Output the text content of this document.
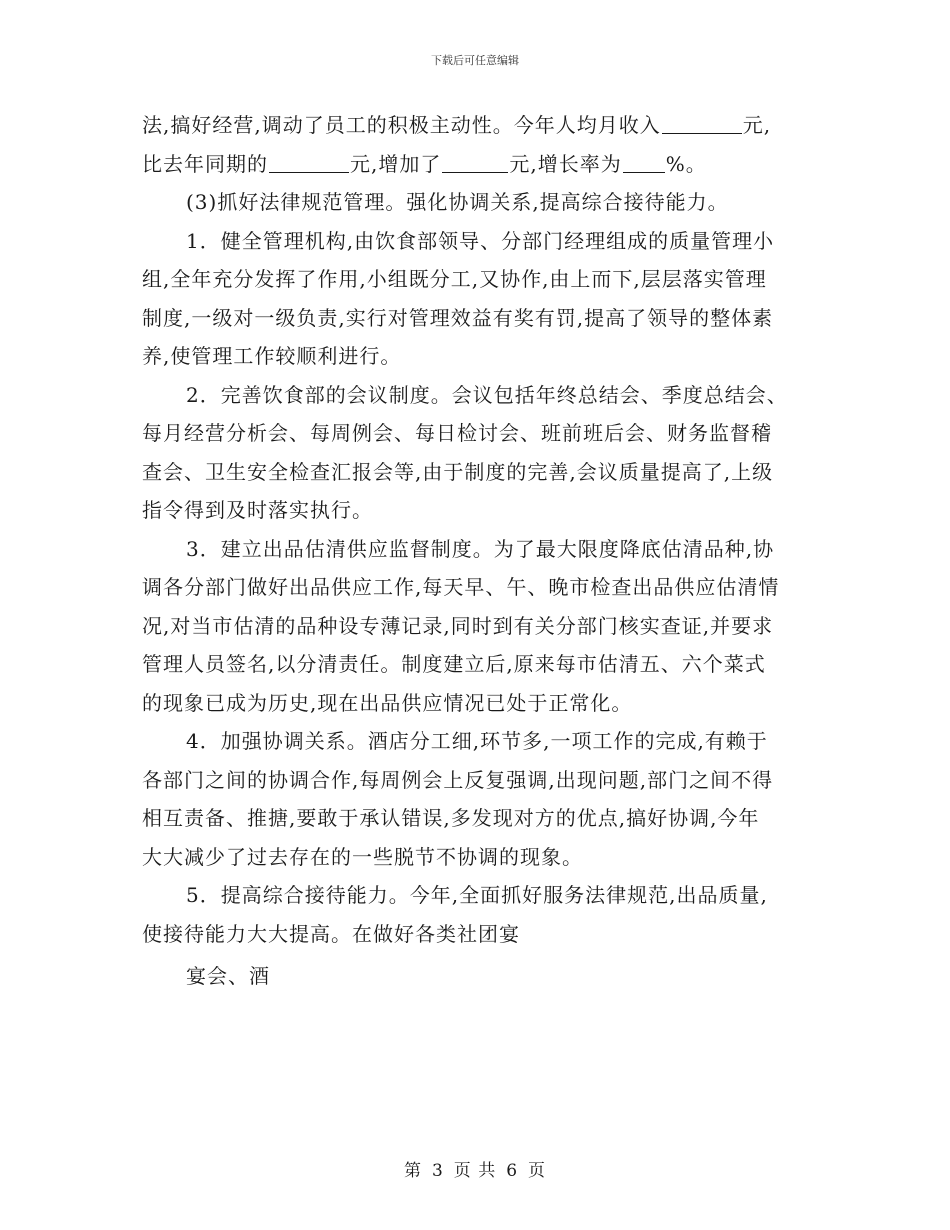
下载后可任意编辑
法,搞好经营,调动了员工的积极主动性。今年人均月收入	元,
比去年同期的	元,增加了	元,增长率为 %。
(3)抓好法律规范管理。强化协调关系,提高综合接待能力。
1．健全管理机构,由饮食部领导、分部门经理组成的质量管理小
组,全年充分发挥了作用,小组既分工,又协作,由上而下,层层落实管理
制度,一级对一级负责,实行对管理效益有奖有罚,提高了领导的整体素
养,使管理工作较顺利进行。
2．完善饮食部的会议制度。会议包括年终总结会、季度总结会、
每月经营分析会、每周例会、每日检讨会、班前班后会、财务监督稽
查会、卫生安全检查汇报会等,由于制度的完善,会议质量提高了,上级
指令得到及时落实执行。
3．建立出品估清供应监督制度。为了最大限度降底估清品种,协
调各分部门做好出品供应工作,每天早、午、晚市检查出品供应估清情
况,对当市估清的品种设专薄记录,同时到有关分部门核实查证,并要求
管理人员签名,以分清责任。制度建立后,原来每市估清五、六个菜式
的现象已成为历史,现在出品供应情况已处于正常化。
4．加强协调关系。酒店分工细,环节多,一项工作的完成,有赖于
各部门之间的协调合作,每周例会上反复强调,出现问题,部门之间不得
相互责备、推搪,要敢于承认错误,多发现对方的优点,搞好协调,今年
大大减少了过去存在的一些脱节不协调的现象。
5．提高综合接待能力。今年,全面抓好服务法律规范,出品质量,
使接待能力大大提高。在做好各类社团宴
宴会、酒
第 3 页 共 6 页
